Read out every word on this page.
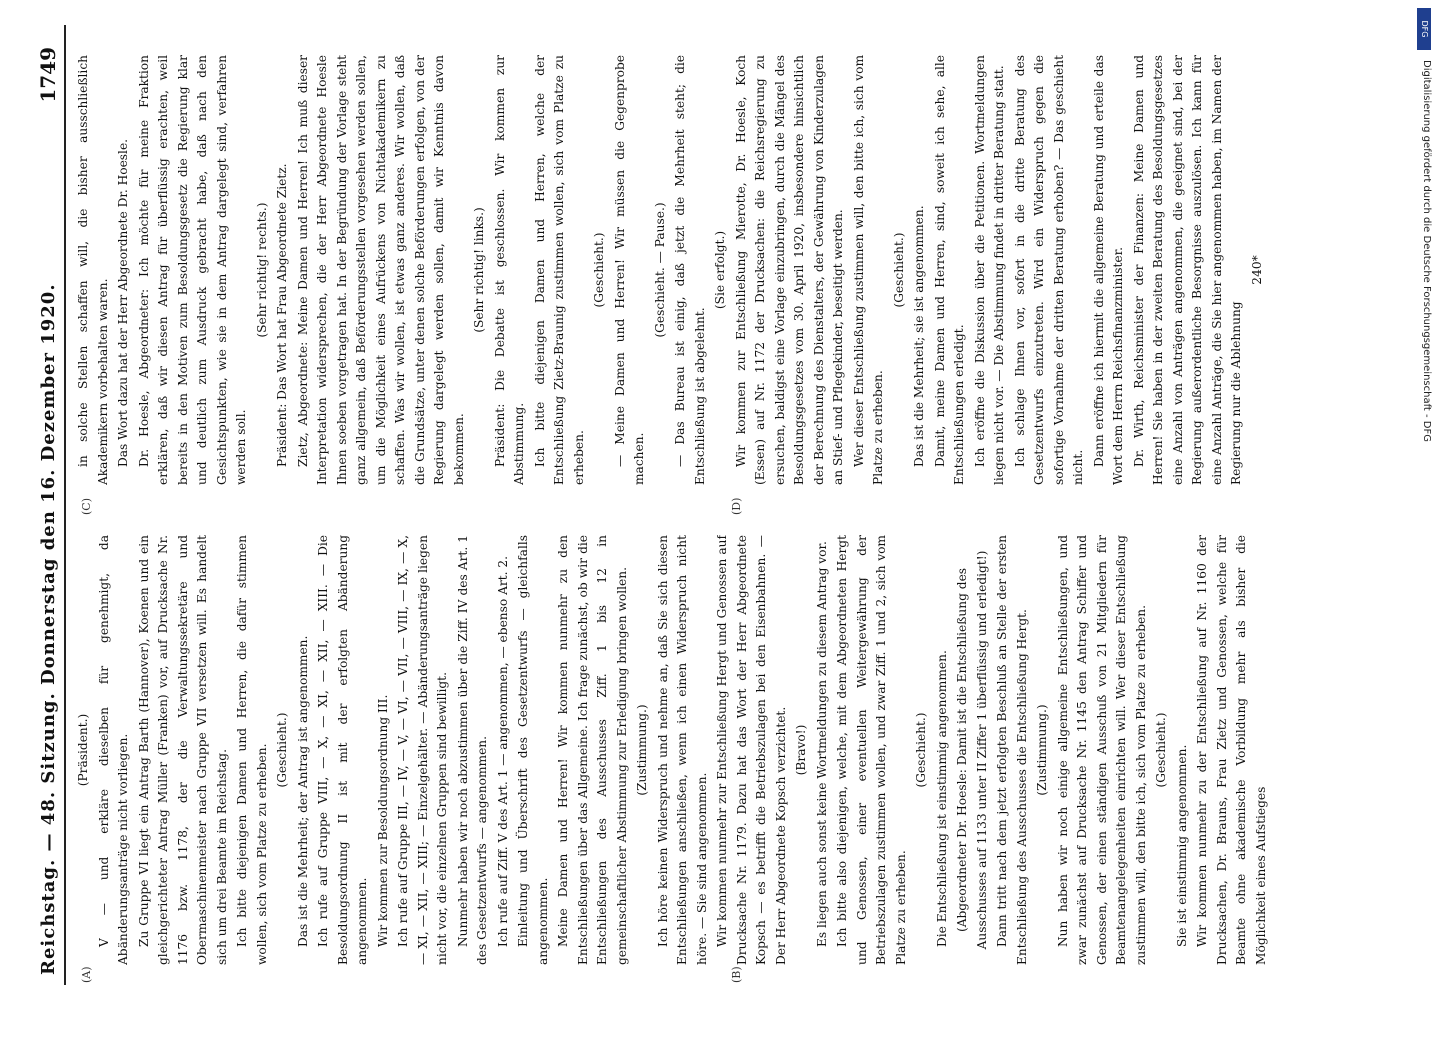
Reichstag. — 48. Sitzung.
Donnerstag den 16. Dezember 1920.
1749

(Präsident.) V — und erkläre dieselben für genehmigt, da Abänderungsanträge nicht vorliegen. Zu Gruppe VI liegt ein Antrag Barth (Hannover), Koenen und ein gleichgerichteter Antrag Müller (Franken) vor, auf Drucksache Nr. 1176 bzw. 1178, der die Verwaltungssekretäre und Obermaschinenmeister nach Gruppe VII versetzen will. Es handelt sich um drei Beamte im Reichstag. Ich bitte diejenigen Damen und Herren, die dafür stimmen wollen, sich vom Platze zu erheben. (Geschieht.) Das ist die Mehrheit; der Antrag ist angenommen. Ich rufe auf Gruppe VIII, — X, — XI, — XII, — XIII. — Die Besoldungsordnung II ist mit der erfolgten Abänderung angenommen. Wir kommen zur Besoldungsordnung III. Ich rufe auf Gruppe III, — IV, — V, — VI, — VII, — VIII, — IX, — X, — XI, — XII, — XIII; — Einzelgehälter. — Abänderungsanträge liegen nicht vor, die einzelnen Gruppen sind bewilligt. Nunmehr haben wir noch abzustimmen über die Ziff. IV des Art. 1 des Gesetzentwurfs — angenommen. Ich rufe auf Ziff. V des Art. 1 — angenommen, — ebenso Art. 2. Einleitung und Überschrift des Gesetzentwurfs — gleichfalls angenommen. Meine Damen und Herren! Wir kommen nunmehr zu den Entschließungen über das Allgemeine. Ich frage zunächst, ob wir die Entschließungen des Ausschusses Ziff. 1 bis 12 in gemeinschaftlicher Abstimmung zur Erledigung bringen wollen. (Zustimmung.) Ich höre keinen Widerspruch und nehme an, daß Sie sich diesen Entschließungen anschließen, wenn ich einen Widerspruch nicht höre. — Sie sind angenommen. Wir kommen nunmehr zur Entschließung Hergt und Genossen auf Drucksache Nr. 1179. Dazu hat das Wort der Herr Abgeordnete Kopsch — es betrifft die Betriebszulagen bei den Eisenbahnen. — Der Herr Abgeordnete Kopsch verzichtet. (Bravo!) Es liegen auch sonst keine Wortmeldungen zu diesem Antrag vor. Ich bitte also diejenigen, welche, mit dem Abgeordneten Hergt und Genossen, einer eventuellen Weitergewährung der Betriebszulagen zustimmen wollen, und zwar Ziff. 1 und 2, sich vom Platze zu erheben.

(Geschieht.) Die Entschließung ist einstimmig angenommen. (Abgeordneter Dr. Hoesle: Damit ist die Entschließung des Ausschusses auf 1133 unter II Ziffer 1 überflüssig und erledigt!) Dann tritt nach dem jetzt erfolgten Beschluß an Stelle der ersten Entschließung des Ausschusses die Entschließung Hergt. (Zustimmung.) Nun haben wir noch einige allgemeine Entschließungen, und zwar zunächst auf Drucksache Nr. 1145 den Antrag Schiffer und Genossen, der einen ständigen Ausschuß von 21 Mitgliedern für Beamtenangelegenheiten einrichten will. Wer dieser Entschließung zustimmen will, den bitte ich, sich vom Platze zu erheben. (Geschieht.) Sie ist einstimmig angenommen. Wir kommen nunmehr zu der Entschließung auf Nr. 1160 der Drucksachen, Dr. Brauns, Frau Zietz und Genossen, welche für Beamte ohne akademische Vorbildung mehr als bisher die Möglichkeit eines Aufstieges

in solche Stellen schaffen will, die bisher ausschließlich Akademikern vorbehalten waren. Das Wort dazu hat der Herr Abgeordnete Dr. Hoesle. Dr. Hoesle, Abgeordneter: Ich möchte für meine Fraktion erklären, daß wir diesen Antrag für überflüssig erachten, weil bereits in den Motiven zum Besoldungsgesetz die Regierung klar und deutlich zum Ausdruck gebracht habe, daß nach den Gesichtspunkten, wie sie in dem Antrag dargelegt sind, verfahren werden soll.

(Sehr richtig! rechts.) Präsident: Das Wort hat Frau Abgeordnete Zietz. Zietz, Abgeordnete: Meine Damen und Herren! Ich muß dieser Interpretation widersprechen, die der Herr Abgeordnete Hoesle Ihnen soeben vorgetragen hat. In der Begründung der Vorlage steht ganz allgemein, daß Beförderungsstellen vorgesehen werden sollen, um die Möglichkeit eines Aufrückens von Nichtakademikern zu schaffen. Was wir wollen, ist etwas ganz anderes. Wir wollen, daß die Grundsätze, unter denen solche Beförderungen erfolgen, von der Regierung dargelegt werden sollen, damit wir Kenntnis davon bekommen.

(Sehr richtig! links.) Präsident: Die Debatte ist geschlossen. Wir kommen zur Abstimmung. Ich bitte diejenigen Damen und Herren, welche der Entschließung Zietz-Braunig zustimmen wollen, sich vom Platze zu erheben.

(Geschieht.) — Meine Damen und Herren! Wir müssen die Gegenprobe machen.

(Geschieht. — Pause.) — Das Bureau ist einig, daß jetzt die Mehrheit steht; die Entschließung ist abgelehnt.

(Sie erfolgt.) Wir kommen zur Entschließung Mierotte, Dr. Hoesle, Koch (Essen) auf Nr. 1172 der Drucksachen: die Reichsregierung zu ersuchen, baldigst eine Vorlage einzubringen, durch die Mängel des Besoldungsgesetzes vom 30. April 1920, insbesondere hinsichtlich der Berechnung des Dienstalters, der Gewährung von Kinderzulagen an Stief- und Pflegekinder, beseitigt werden. Wer dieser Entschließung zustimmen will, den bitte ich, sich vom Platze zu erheben.

(Geschieht.) Das ist die Mehrheit; sie ist angenommen. Damit, meine Damen und Herren, sind, soweit ich sehe, alle Entschließungen erledigt. Ich eröffne die Diskussion über die Petitionen. Wortmeldungen liegen nicht vor. — Die Abstimmung findet in dritter Beratung statt. Ich schlage Ihnen vor, sofort in die dritte Beratung des Gesetzentwurfs einzutreten. Wird ein Widerspruch gegen die sofortige Vornahme der dritten Beratung erhoben? — Das geschieht nicht.

Dann eröffne ich hiermit die allgemeine Beratung und erteile das Wort dem Herrn Reichsfinanzminister. Dr. Wirth, Reichsminister der Finanzen: Meine Damen und Herren! Sie haben in der zweiten Beratung des Besoldungsgesetzes eine Anzahl von Anträgen angenommen, die geeignet sind, bei der Regierung außerordentliche Besorgnisse auszulösen. Ich kann für eine Anzahl Anträge, die Sie hier angenommen haben, im Namen der Regierung nur die Ablehnung

240*

(A)	(B)
(C)	(D)
DFG
Digitalisierung gefördert durch die Deutsche Forschungsgemeinschaft - DFG
